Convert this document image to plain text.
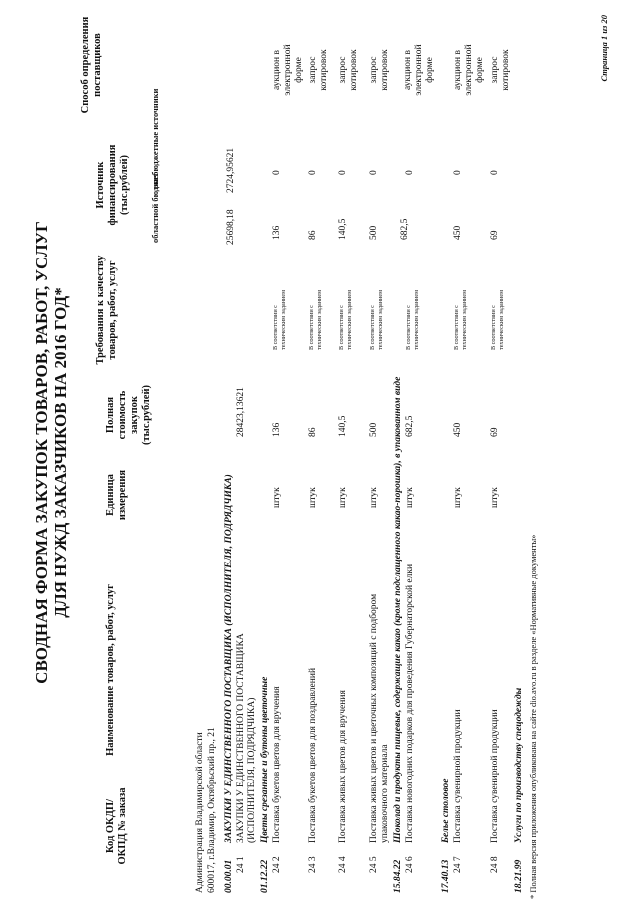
СВОДНАЯ ФОРМА ЗАКУПОК ТОВАРОВ, РАБОТ, УСЛУГ ДЛЯ НУЖД ЗАКАЗЧИКОВ НА 2016 ГОД*
Код ОКДП/ ОКПД № заказа
Наименование товаров, работ, услуг
Единица измерения
Полная стоимость закупок (тыс.рублей)
Требования к качеству товаров, работ, услуг
Источник финансирования (тыс.рублей) областной бюджет
внебюджетные источники
Способ определения поставщиков
Администрация Владимирской области 600017, г.Владимир, Октябрьский пр., 21 00.00.01
ЗАКУПКИ У ЕДИНСТВЕННОГО ПОСТАВЩИКА (ИСПОЛНИТЕЛЯ, ПОДРЯДЧИКА)
24 1
ЗАКУПКИ У ЕДИНСТВЕННОГО ПОСТАВЩИКА (ИСПОЛНИТЕЛЯ, ПОДРЯДЧИКА)
28423,13621
25698,18
2724,95621
01.12.22
Цветы срезанные и бутоны цветочные
24 2
Поставка букетов цветов для вручения
штук
136
В соответствии с техническим заданием
136
0
аукцион в электронной форме
24 3
Поставка букетов цветов для поздравлений
штук
86
В соответствии с техническим заданием
86
0
запрос котировок
24 4
Поставка живых цветов для вручения
штук
140,5
В соответствии с техническим заданием
140,5
0
запрос котировок
24 5
Поставка живых цветов и цветочных композиций с подбором упаковочного материала
штук
500
В соответствии с техническим заданием
500
0
запрос котировок
15.84.22
Шоколад и продукты пищевые, содержащие какао (кроме подслащенного какао-порошка), в упакованном виде
24 6
Поставка новогодних подарков для проведения Губернаторской елки
штук
682,5
В соответствии с техническим заданием
682,5
0
аукцион в электронной форме
17.40.13
Белье столовое
24 7
Поставка сувенирной продукции
штук
450
В соответствии с техническим заданием
450
0
аукцион в электронной форме
24 8
Поставка сувенирной продукции
штук
69
В соответствии с техническим заданием
69
0
запрос котировок
18.21.99
Услуги по производству спецодежды * Полная версия приложения опубликована на сайте dio.avo.ru в разделе «Нормативные документы»
Страница 1 из 20
